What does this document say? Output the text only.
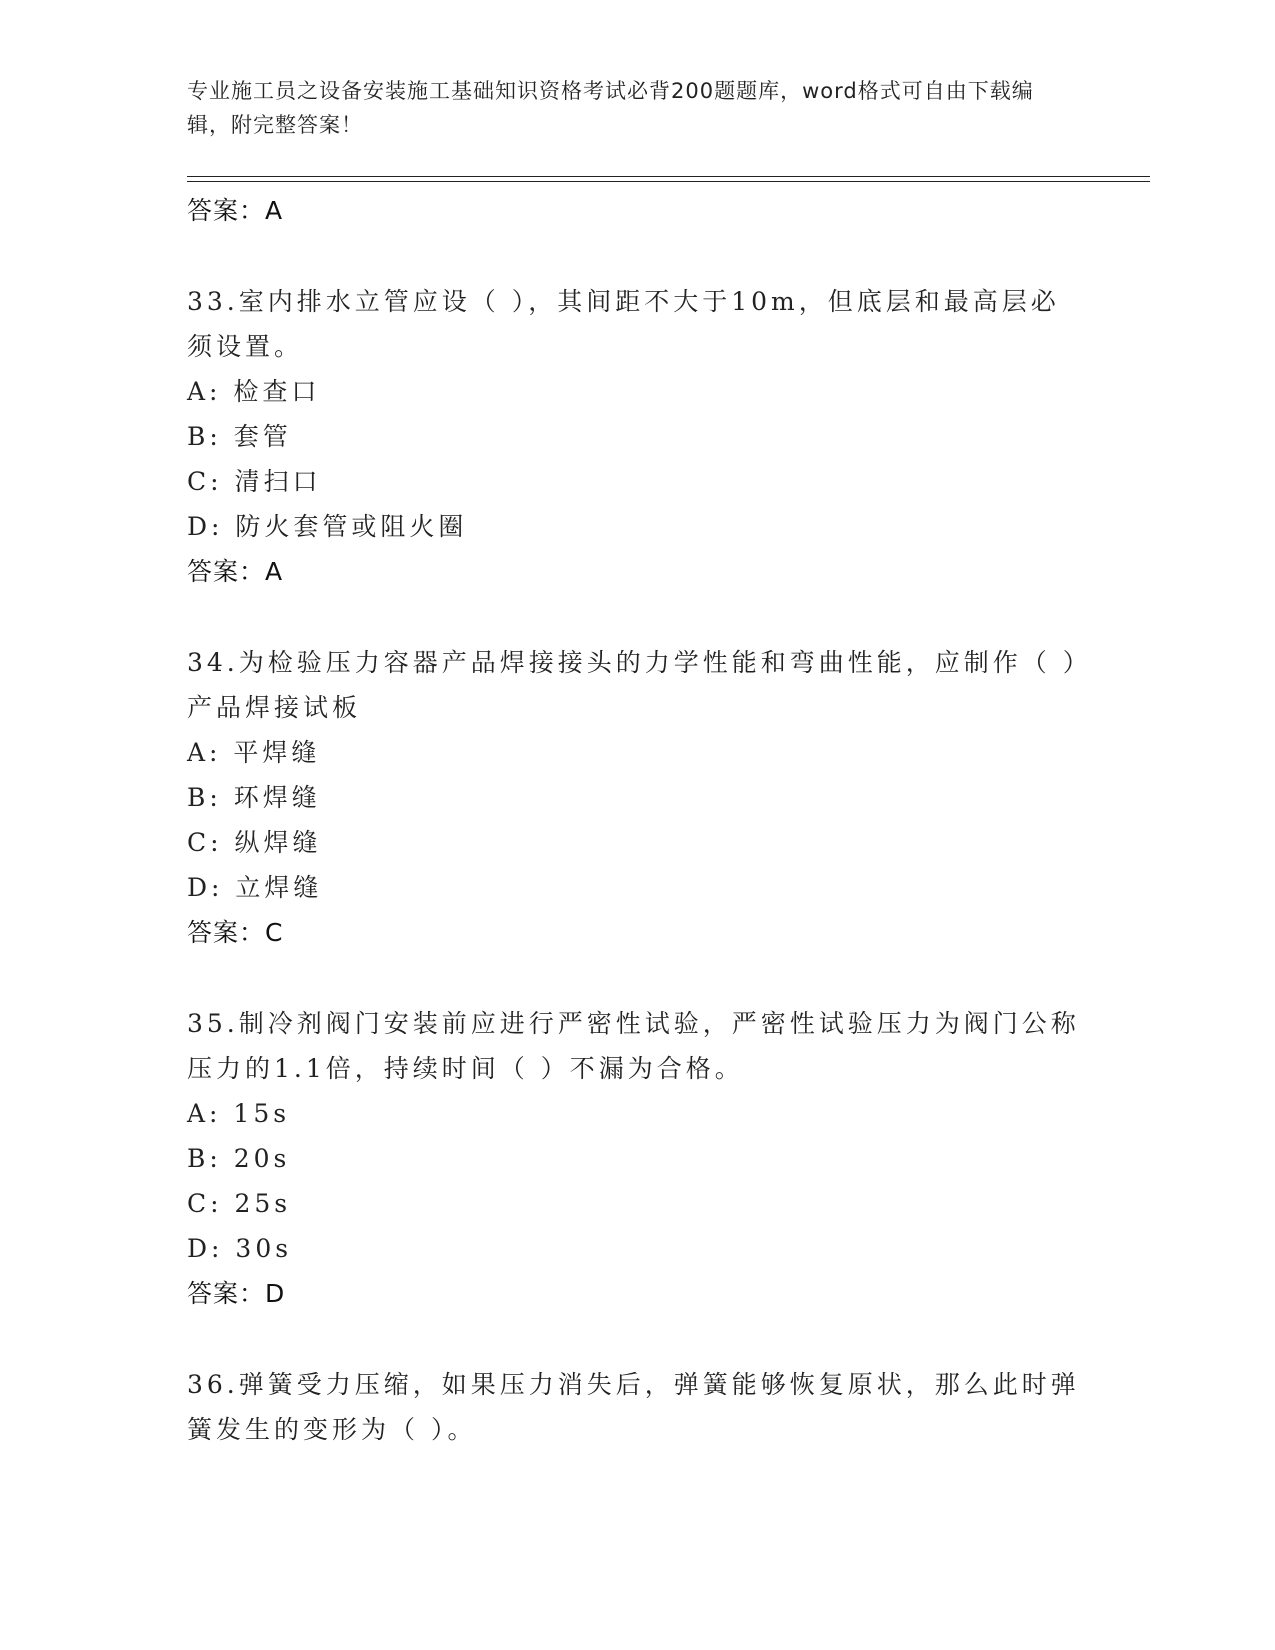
专业施工员之设备安装施工基础知识资格考试必背200题题库，word格式可自由下载编辑，附完整答案！
答案：A
33.室内排水立管应设（ ），其间距不大于10m，但底层和最高层必须设置。
A: 检查口
B: 套管
C: 清扫口
D: 防火套管或阻火圈
答案：A
34.为检验压力容器产品焊接接头的力学性能和弯曲性能，应制作（ ）产品焊接试板
A: 平焊缝
B: 环焊缝
C: 纵焊缝
D: 立焊缝
答案：C
35.制冷剂阀门安装前应进行严密性试验，严密性试验压力为阀门公称压力的1.1倍，持续时间（ ）不漏为合格。
A: 15s
B: 20s
C: 25s
D: 30s
答案：D
36.弹簧受力压缩，如果压力消失后，弹簧能够恢复原状，那么此时弹簧发生的变形为（ ）。
